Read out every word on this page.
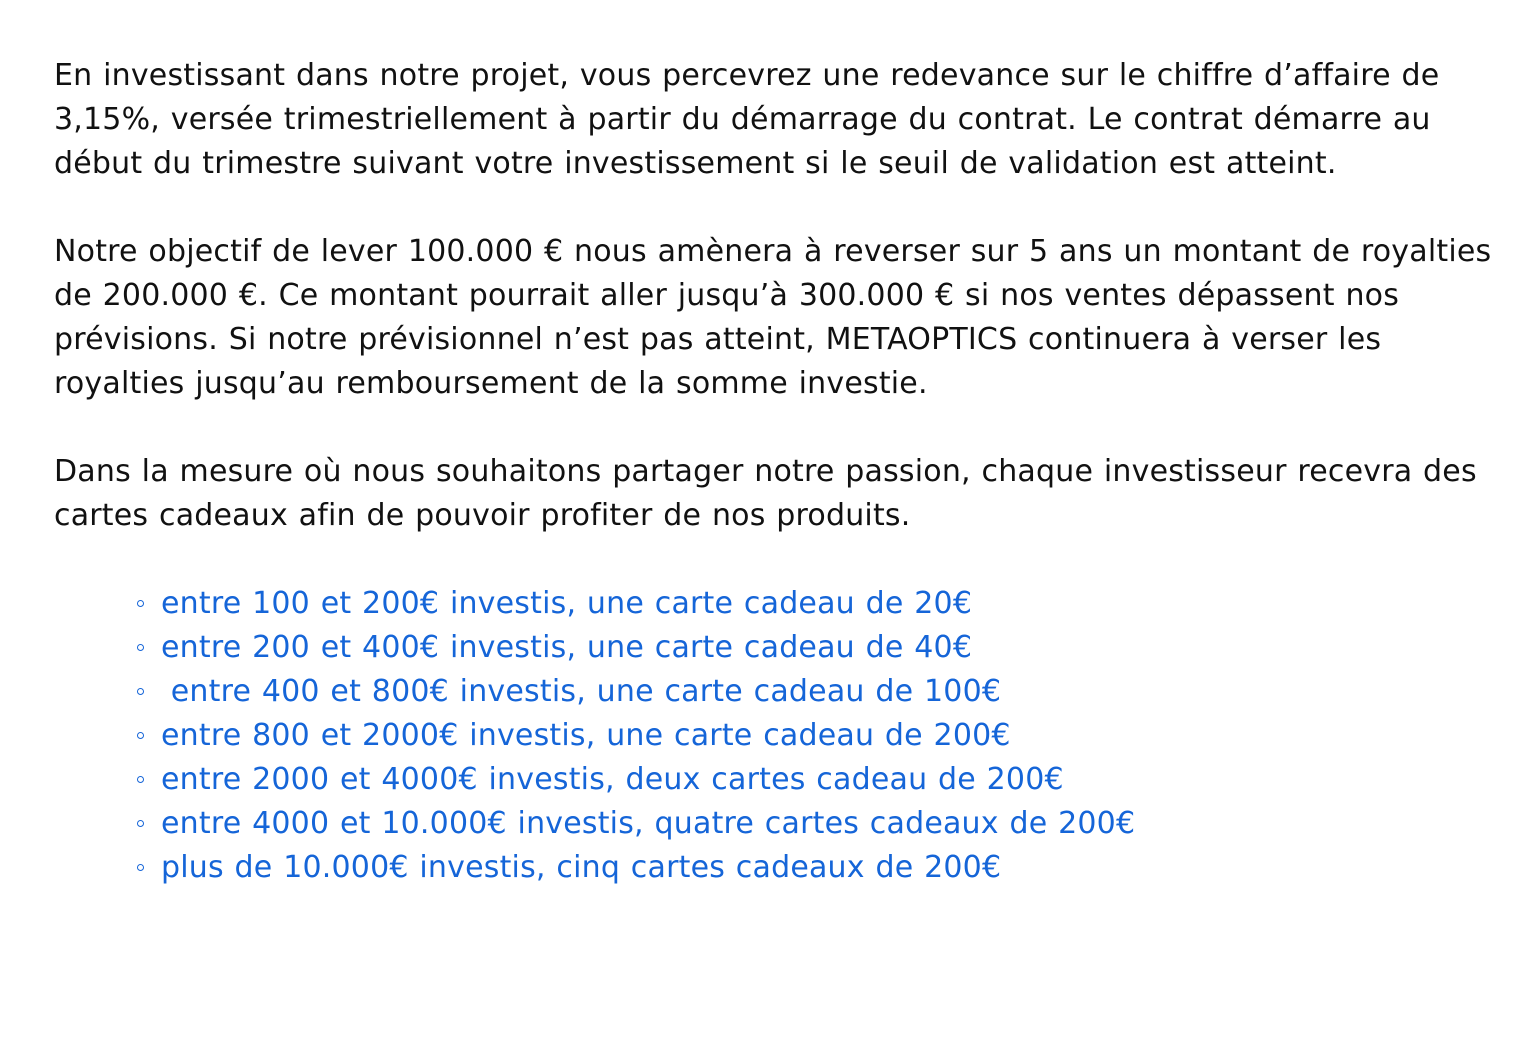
En investissant dans notre projet, vous percevrez une redevance sur le chiffre d’affaire de 3,15%, versée trimestriellement à partir du démarrage du contrat. Le contrat démarre au début du trimestre suivant votre investissement si le seuil de validation est atteint.

Notre objectif de lever 100.000 € nous amènera à reverser sur 5 ans un montant de royalties de 200.000 €. Ce montant pourrait aller jusqu’à 300.000 € si nos ventes dépassent nos prévisions. Si notre prévisionnel n’est pas atteint, METAOPTICS continuera à verser les royalties jusqu’au remboursement de la somme investie.

Dans la mesure où nous souhaitons partager notre passion, chaque investisseur recevra des cartes cadeaux afin de pouvoir profiter de nos produits.

entre 100 et 200€ investis, une carte cadeau de 20€
entre 200 et 400€ investis, une carte cadeau de 40€
entre 400 et 800€ investis, une carte cadeau de 100€
entre 800 et 2000€ investis, une carte cadeau de 200€
entre 2000 et 4000€ investis, deux cartes cadeau de 200€
entre 4000 et 10.000€ investis, quatre cartes cadeaux de 200€
plus de 10.000€ investis, cinq cartes cadeaux de 200€
